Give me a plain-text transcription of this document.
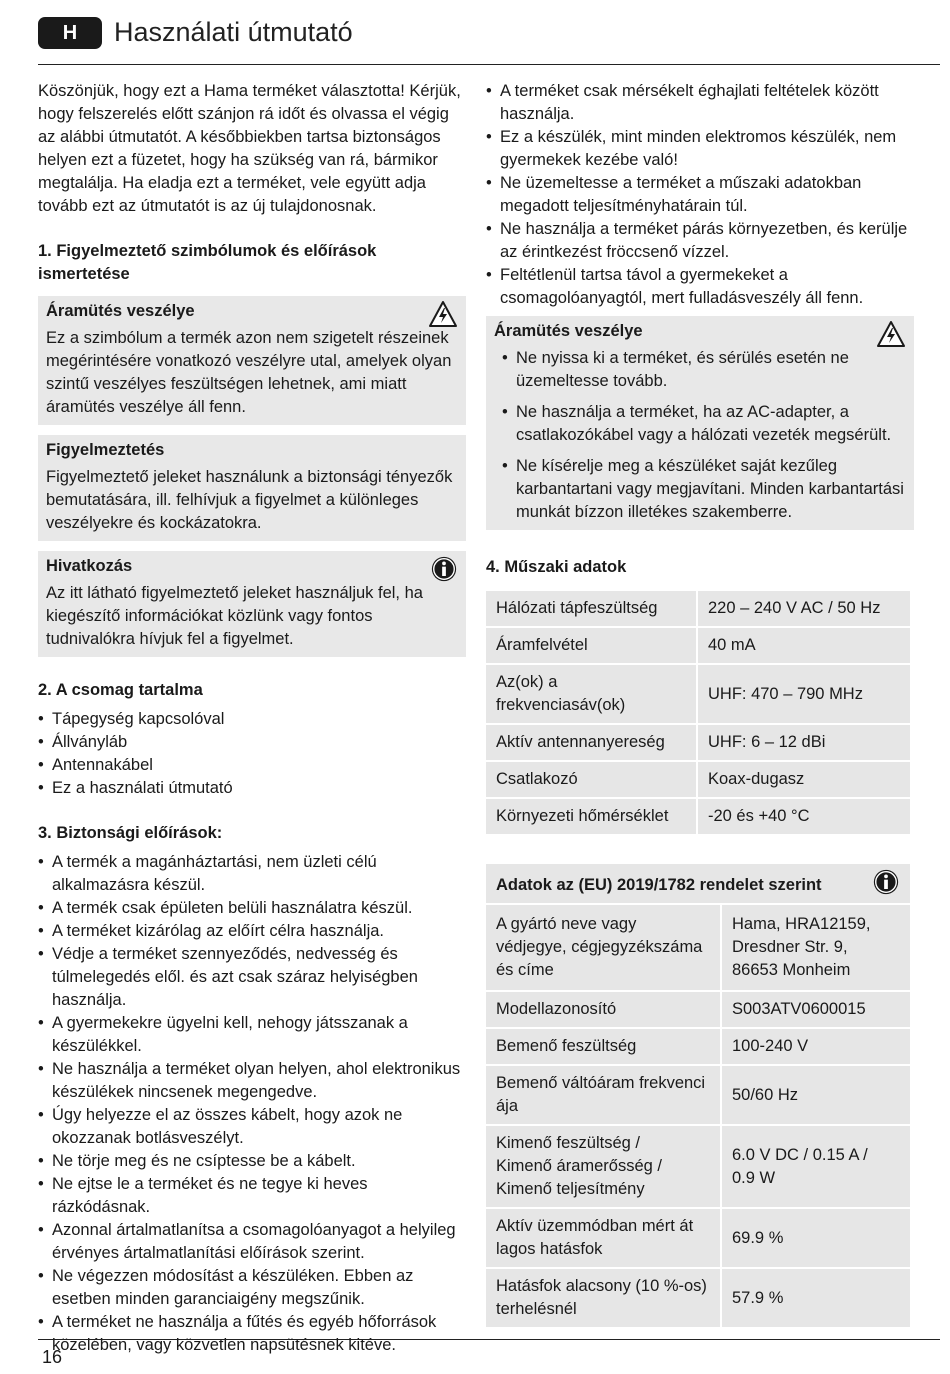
H	Használati útmutató

Köszönjük, hogy ezt a Hama terméket választotta! Kérjük, hogy felszerelés előtt szánjon rá időt és olvassa el végig az alábbi útmutatót. A későbbiekben tartsa biztonságos helyen ezt a füzetet, hogy ha szükség van rá, bármikor megtalálja. Ha eladja ezt a terméket, vele együtt adja tovább ezt az útmutatót is az új tulajdonosnak.

1. Figyelmeztető szimbólumok és előírások ismertetése
Áramütés veszélye

Ez a szimbólum a termék azon nem szigetelt részeinek megérintésére vonatkozó veszélyre utal, amelyek olyan szintű veszélyes feszültségen lehetnek, ami miatt áramütés veszélye áll fenn.

Figyelmeztetés

Figyelmeztető jeleket használunk a biztonsági tényezők bemutatására, ill. felhívjuk a figyelmet a különleges veszélyekre és kockázatokra.

Hivatkozás

Az itt látható figyelmeztető jeleket használjuk fel, ha kiegészítő információkat közlünk vagy fontos tudnivalókra hívjuk fel a figyelmet.

2. A csomag tartalma
• Tápegység kapcsolóval
• Állványláb
• Antennakábel
• Ez a használati útmutató
3. Biztonsági előírások:
• A termék a magánháztartási, nem üzleti célú alkalmazásra készül.
• A termék csak épületen belüli használatra készül.
• A terméket kizárólag az előírt célra használja.
• Védje a terméket szennyeződés, nedvesség és túlmelegedés elől. és azt csak száraz helyiségben használja.
• A gyermekekre ügyelni kell, nehogy játsszanak a készülékkel.
• Ne használja a terméket olyan helyen, ahol elektronikus készülékek nincsenek megengedve.
• Úgy helyezze el az összes kábelt, hogy azok ne okozzanak botlásveszélyt.
• Ne törje meg és ne csíptesse be a kábelt.
• Ne ejtse le a terméket és ne tegye ki heves rázkódásnak.
• Azonnal ártalmatlanítsa a csomagolóanyagot a helyileg érvényes ártalmatlanítási előírások szerint.
• Ne végezzen módosítást a készüléken. Ebben az esetben minden garanciaigény megszűnik.
• A terméket ne használja a fűtés és egyéb hőforrások közelében, vagy közvetlen napsütésnek kitéve.
• A terméket csak mérsékelt éghajlati feltételek között használja.
• Ez a készülék, mint minden elektromos készülék, nem gyermekek kezébe való!
• Ne üzemeltesse a terméket a műszaki adatokban megadott teljesítményhatárain túl.
• Ne használja a terméket párás környezetben, és kerülje az érintkezést fröccsenő vízzel.
• Feltétlenül tartsa távol a gyermekeket a csomagolóanyagtól, mert fulladásveszély áll fenn.
Áramütés veszélye
• Ne nyissa ki a terméket, és sérülés esetén ne üzemeltesse tovább.
• Ne használja a terméket, ha az AC-adapter, a csatlakozókábel vagy a hálózati vezeték megsérült.
• Ne kísérelje meg a készüléket saját kezűleg karbantartani vagy megjavítani. Minden karbantartási munkát bízzon illetékes szakemberre.
4. Műszaki adatok
Hálózati tápfeszültség	220 – 240 V AC / 50 Hz
Áramfelvétel	40 mA
Az(ok) a frekvenciasáv(ok)	UHF: 470 – 790 MHz
Aktív antennanyereség	UHF: 6 – 12 dBi
Csatlakozó	Koax-dugasz
Környezeti hőmérséklet	-20 és +40 °C
Adatok az (EU) 2019/1782 rendelet szerint	

A gyártó neve vagy védjegye, cégjegyzékszáma és címe	Hama, HRA12159,
Dresdner Str. 9,
86653 Monheim
Modellazonosító	S003ATV0600015
Bemenő feszültség	100-240 V
Bemenő váltóáram frekvenci ája	50/60 Hz
Kimenő feszültség /
Kimenő áramerősség /
Kimenő teljesítmény	6.0 V DC / 0.15 A /
0.9 W
Aktív üzemmódban mért át lagos hatásfok	69.9 %
Hatásfok alacsony (10 %-os) terhelésnél	57.9 %
16
